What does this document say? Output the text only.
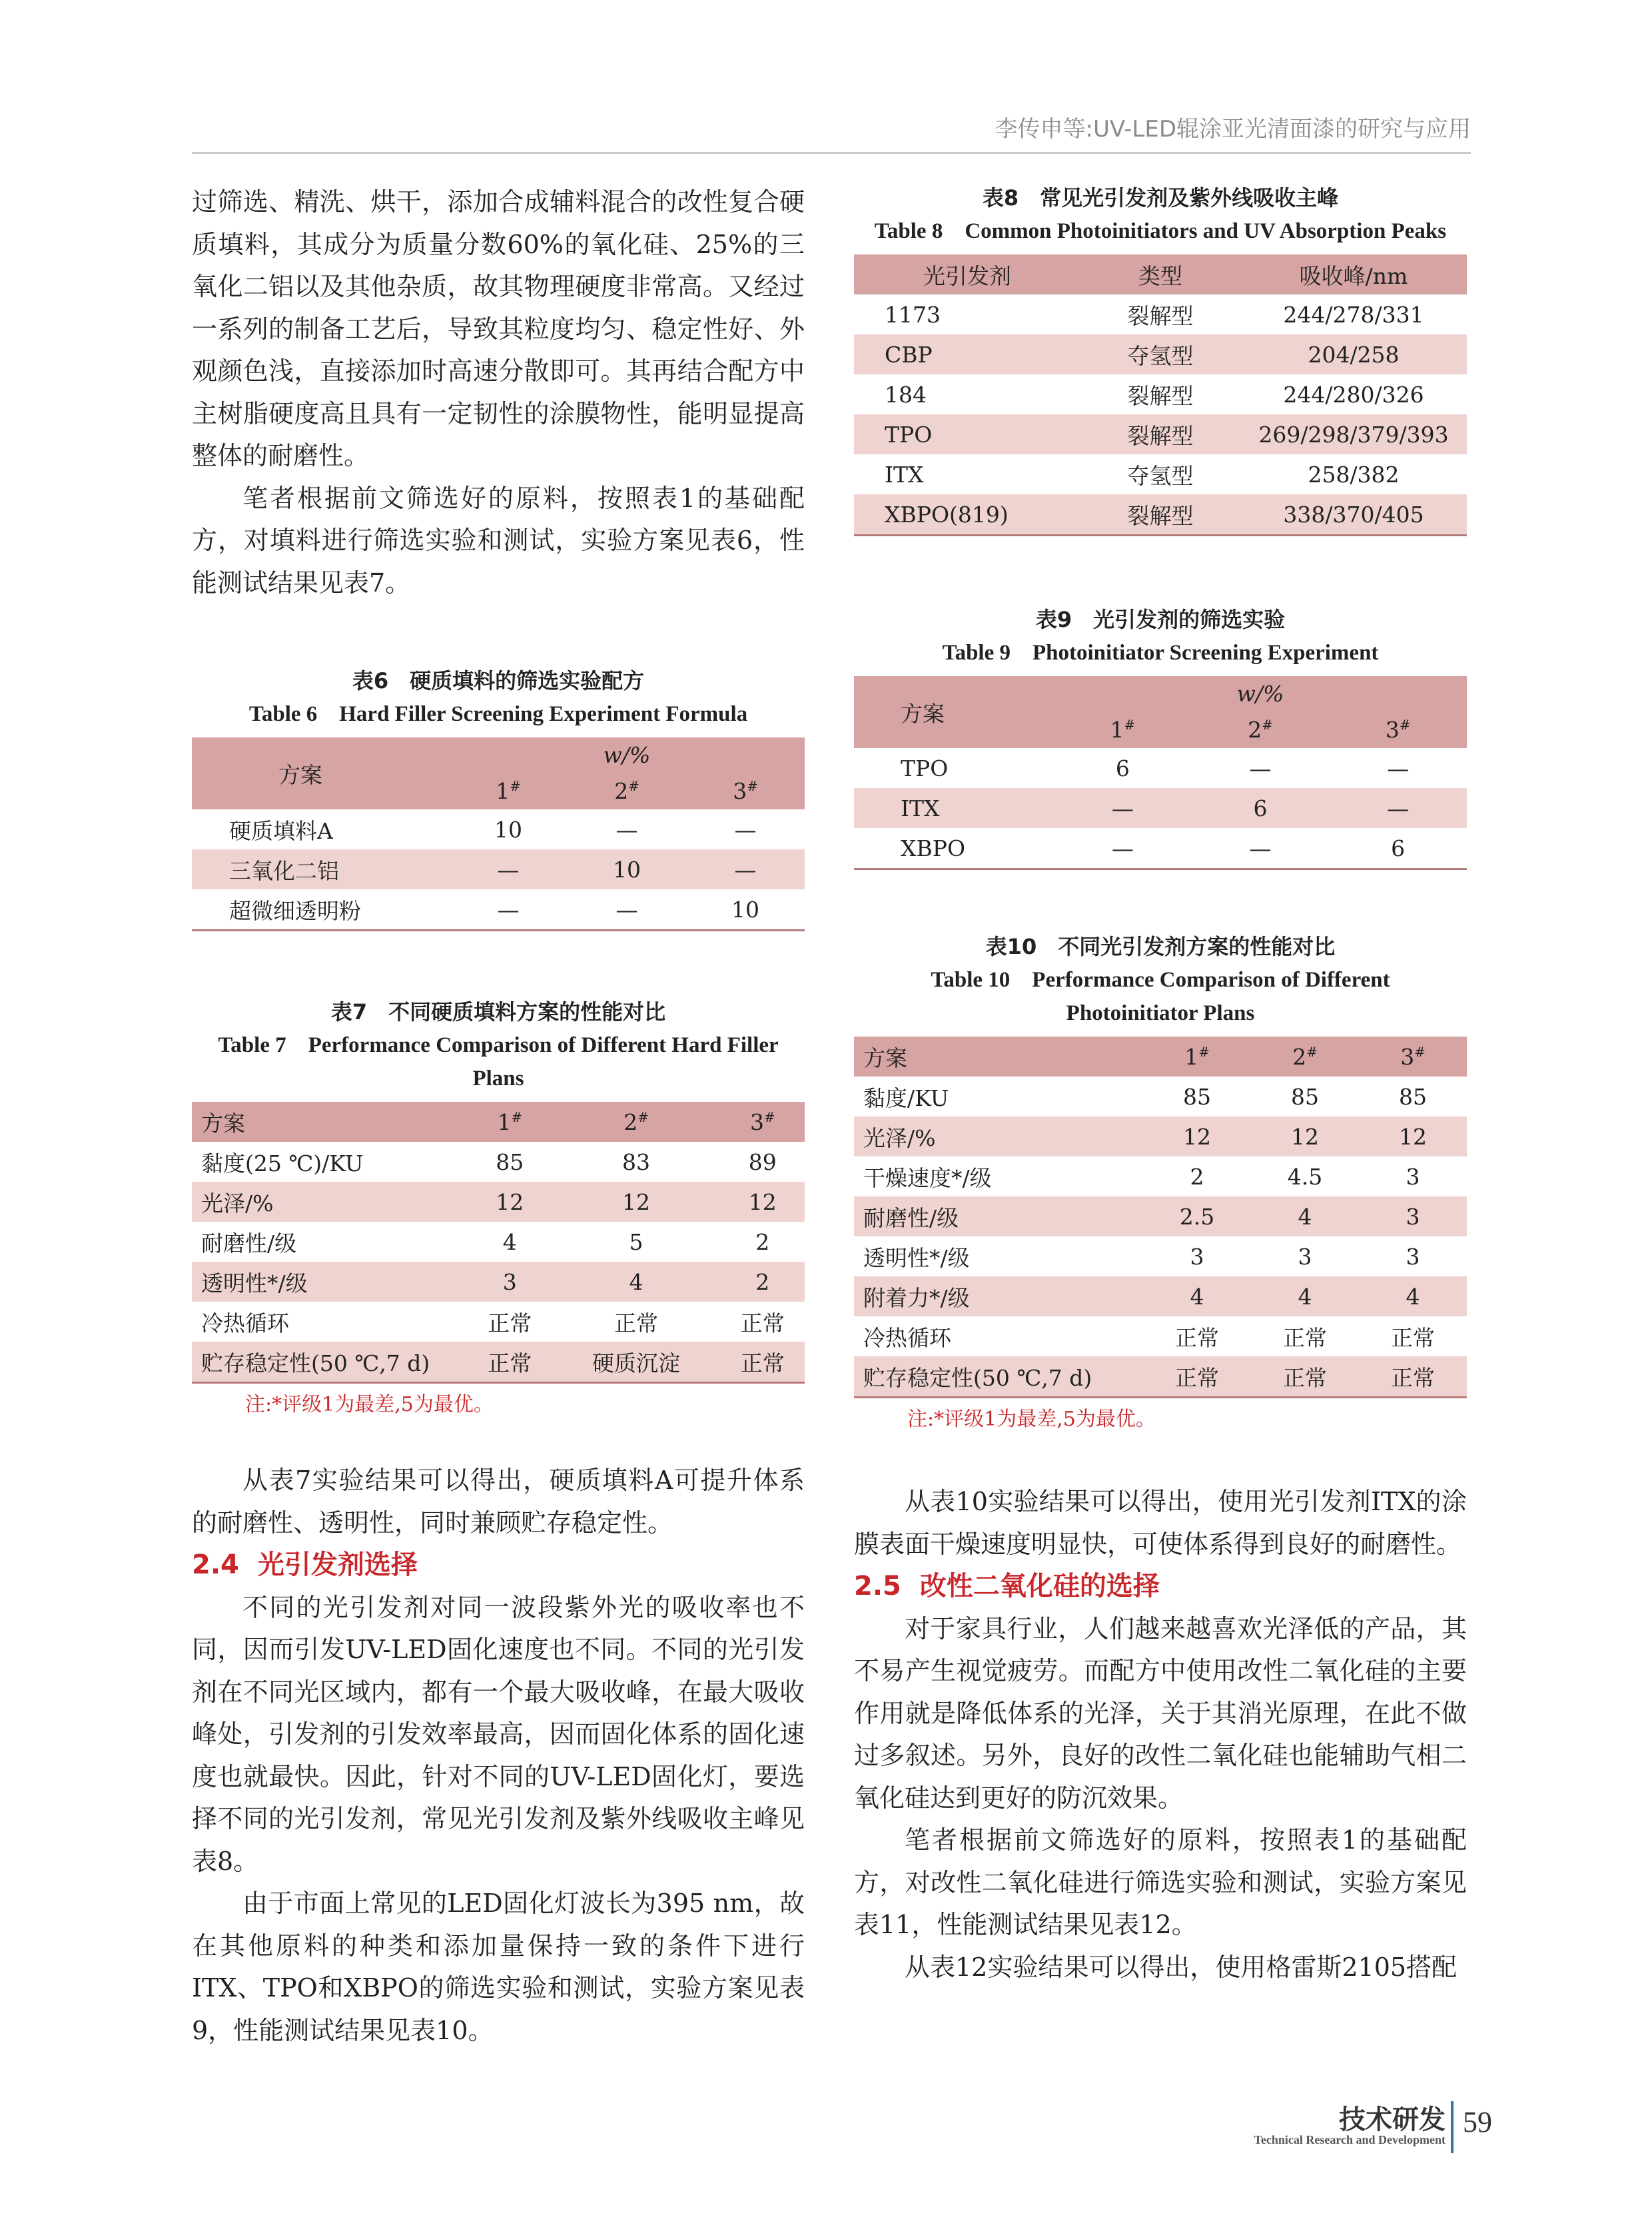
李传申等:UV-LED辊涂亚光清面漆的研究与应用

过筛选、精洗、烘干，添加合成辅料混合的改性复合硬质填料，其成分为质量分数60%的氧化硅、25%的三氧化二铝以及其他杂质，故其物理硬度非常高。又经过一系列的制备工艺后，导致其粒度均匀、稳定性好、外观颜色浅，直接添加时高速分散即可。其再结合配方中主树脂硬度高且具有一定韧性的涂膜物性，能明显提高整体的耐磨性。

笔者根据前文筛选好的原料，按照表1的基础配方，对填料进行筛选实验和测试，实验方案见表6，性能测试结果见表7。

表6　硬质填料的筛选实验配方

Table 6　Hard Filler Screening Experiment Formula

方案	w/%		
	1#	2#	3#
硬质填料A	10	—	—
三氧化二铝	—	10	—
超微细透明粉	—	—	10

表7　不同硬质填料方案的性能对比

Table 7　Performance Comparison of Different Hard Filler Plans

方案	1#	2#	3#
黏度(25 ℃)/KU	85	83	89
光泽/%	12	12	12
耐磨性/级	4	5	2
透明性*/级	3	4	2
冷热循环	正常	正常	正常
贮存稳定性(50 ℃,7 d)	正常	硬质沉淀	正常

注:*评级1为最差,5为最优。

从表7实验结果可以得出，硬质填料A可提升体系的耐磨性、透明性，同时兼顾贮存稳定性。

2.4 光引发剂选择

不同的光引发剂对同一波段紫外光的吸收率也不同，因而引发UV-LED固化速度也不同。不同的光引发剂在不同光区域内，都有一个最大吸收峰，在最大吸收峰处，引发剂的引发效率最高，因而固化体系的固化速度也就最快。因此，针对不同的UV-LED固化灯，要选择不同的光引发剂，常见光引发剂及紫外线吸收主峰见表8。

由于市面上常见的LED固化灯波长为395 nm，故在其他原料的种类和添加量保持一致的条件下进行ITX、TPO和XBPO的筛选实验和测试，实验方案见表9，性能测试结果见表10。

表8　常见光引发剂及紫外线吸收主峰

Table 8　Common Photoinitiators and UV Absorption Peaks

光引发剂	类型	吸收峰/nm
1173	裂解型	244/278/331
CBP	夺氢型	204/258
184	裂解型	244/280/326
TPO	裂解型	269/298/379/393
ITX	夺氢型	258/382
XBPO(819)	裂解型	338/370/405

表9　光引发剂的筛选实验

Table 9　Photoinitiator Screening Experiment

方案	w/%		
	1#	2#	3#
TPO	6	—	—
ITX	—	6	—
XBPO	—	—	6

表10　不同光引发剂方案的性能对比

Table 10　Performance Comparison of Different Photoinitiator Plans

方案	1#	2#	3#
黏度/KU	85	85	85
光泽/%	12	12	12
干燥速度*/级	2	4.5	3
耐磨性/级	2.5	4	3
透明性*/级	3	3	3
附着力*/级	4	4	4
冷热循环	正常	正常	正常
贮存稳定性(50 ℃,7 d)	正常	正常	正常

注:*评级1为最差,5为最优。

从表10实验结果可以得出，使用光引发剂ITX的涂膜表面干燥速度明显快，可使体系得到良好的耐磨性。

2.5 改性二氧化硅的选择

对于家具行业，人们越来越喜欢光泽低的产品，其不易产生视觉疲劳。而配方中使用改性二氧化硅的主要作用就是降低体系的光泽，关于其消光原理，在此不做过多叙述。另外，良好的改性二氧化硅也能辅助气相二氧化硅达到更好的防沉效果。

笔者根据前文筛选好的原料，按照表1的基础配方，对改性二氧化硅进行筛选实验和测试，实验方案见表11，性能测试结果见表12。

从表12实验结果可以得出，使用格雷斯2105搭配

技术研发
Technical Research and Development
59
